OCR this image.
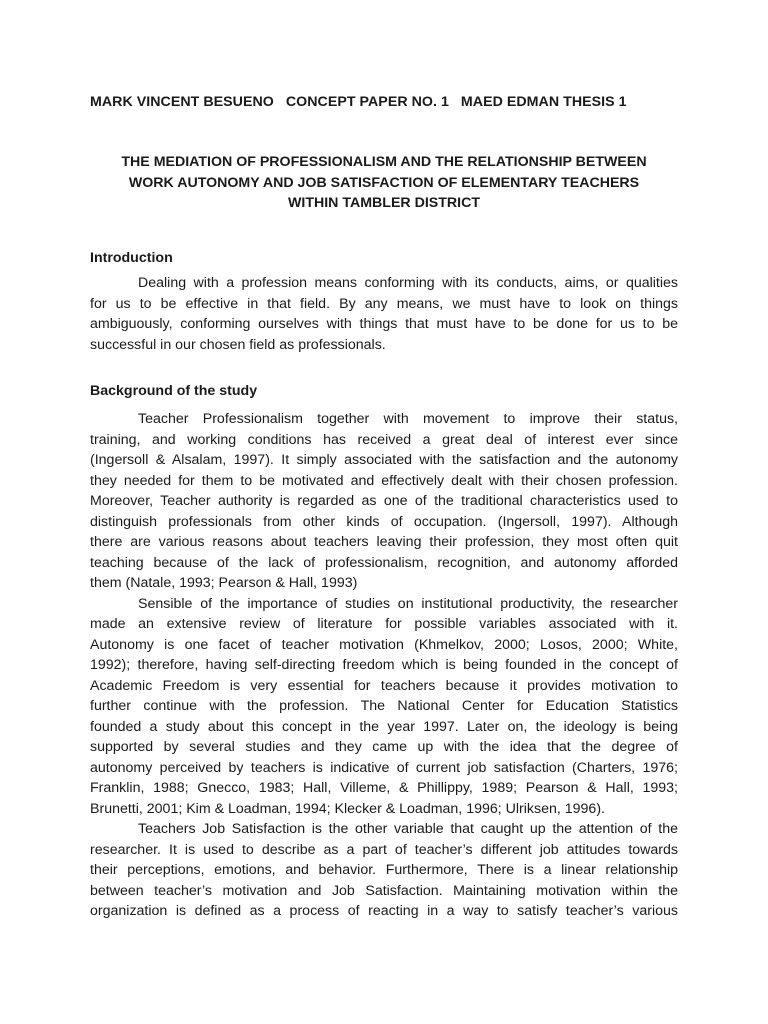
MARK VINCENT BESUENO   CONCEPT PAPER NO. 1   MAED EDMAN THESIS 1
THE MEDIATION OF PROFESSIONALISM AND THE RELATIONSHIP BETWEEN
WORK AUTONOMY AND JOB SATISFACTION OF ELEMENTARY TEACHERS
WITHIN TAMBLER DISTRICT
Introduction
Dealing with a profession means conforming with its conducts, aims, or qualities
for us to be effective in that field. By any means, we must have to look on things
ambiguously, conforming ourselves with things that must have to be done for us to be
successful in our chosen field as professionals.
Background of the study
Teacher Professionalism together with movement to improve their status,
training, and working conditions has received a great deal of interest ever since
(Ingersoll & Alsalam, 1997). It simply associated with the satisfaction and the autonomy
they needed for them to be motivated and effectively dealt with their chosen profession.
Moreover, Teacher authority is regarded as one of the traditional characteristics used to
distinguish professionals from other kinds of occupation. (Ingersoll, 1997). Although
there are various reasons about teachers leaving their profession, they most often quit
teaching because of the lack of professionalism, recognition, and autonomy afforded
them (Natale, 1993; Pearson & Hall, 1993)
Sensible of the importance of studies on institutional productivity, the researcher
made an extensive review of literature for possible variables associated with it.
Autonomy is one facet of teacher motivation (Khmelkov, 2000; Losos, 2000; White,
1992); therefore, having self-directing freedom which is being founded in the concept of
Academic Freedom is very essential for teachers because it provides motivation to
further continue with the profession. The National Center for Education Statistics
founded a study about this concept in the year 1997. Later on, the ideology is being
supported by several studies and they came up with the idea that the degree of
autonomy perceived by teachers is indicative of current job satisfaction (Charters, 1976;
Franklin, 1988; Gnecco, 1983; Hall, Villeme, & Phillippy, 1989; Pearson & Hall, 1993;
Brunetti, 2001; Kim & Loadman, 1994; Klecker & Loadman, 1996; Ulriksen, 1996).
Teachers Job Satisfaction is the other variable that caught up the attention of the
researcher. It is used to describe as a part of teacher’s different job attitudes towards
their perceptions, emotions, and behavior. Furthermore, There is a linear relationship
between teacher’s motivation and Job Satisfaction. Maintaining motivation within the
organization is defined as a process of reacting in a way to satisfy teacher’s various
